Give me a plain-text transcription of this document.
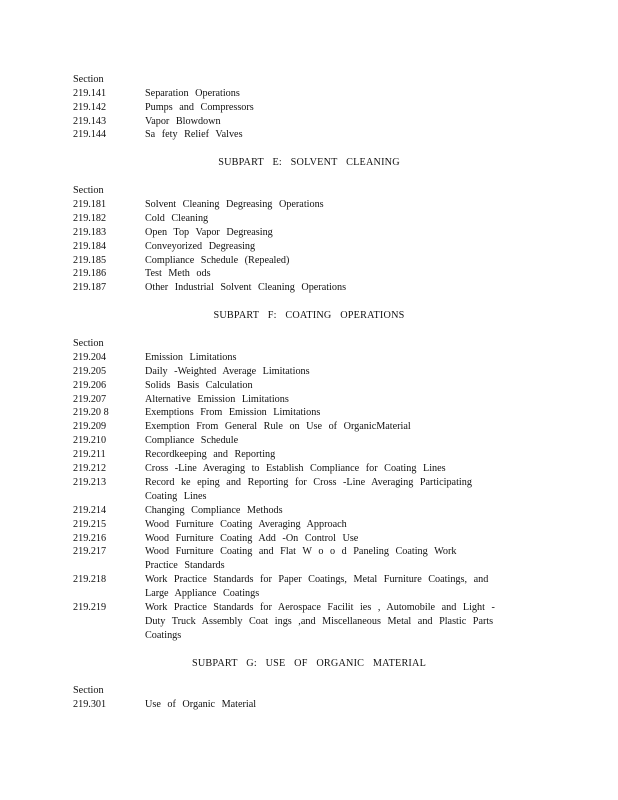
Section
219.141	Separation Operations
219.142	Pumps and Compressors
219.143	Vapor Blowdown
219.144	Sa fety Relief Valves
SUBPART E: SOLVENT CLEANING
Section
219.181	Solvent Cleaning Degreasing Operations
219.182	Cold Cleaning
219.183	Open Top Vapor Degreasing
219.184	Conveyorized Degreasing
219.185	Compliance Schedule (Repealed)
219.186	Test Meth ods
219.187	Other Industrial Solvent Cleaning Operations
SUBPART F: COATING OPERATIONS
Section
219.204	Emission Limitations
219.205	Daily -Weighted Average Limitations
219.206	Solids Basis Calculation
219.207	Alternative Emission Limitations
219.20 8	Exemptions From Emission Limitations
219.209	Exemption From General Rule on Use of OrganicMaterial
219.210	Compliance Schedule
219.211	Recordkeeping and Reporting
219.212	Cross -Line Averaging to Establish Compliance for Coating Lines
219.213	Record ke eping and Reporting for Cross -Line Averaging Participating Coating Lines
219.214	Changing Compliance Methods
219.215	Wood Furniture Coating Averaging Approach
219.216	Wood Furniture Coating Add -On Control Use
219.217	Wood Furniture Coating and Flat W o o d Paneling Coating Work Practice Standards
219.218	Work Practice Standards for Paper Coatings, Metal Furniture Coatings, and Large Appliance Coatings
219.219	Work Practice Standards for Aerospace Facilit ies , Automobile and Light - Duty Truck Assembly Coat ings ,and Miscellaneous Metal and Plastic Parts Coatings
SUBPART G: USE OF ORGANIC MATERIAL
Section
219.301	Use of Organic Material
